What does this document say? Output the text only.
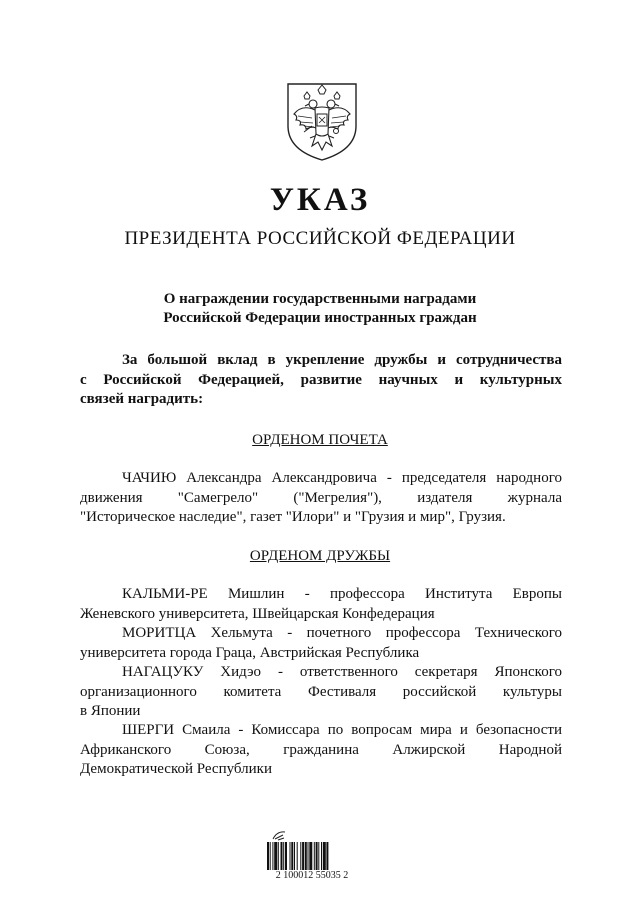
УКАЗ
ПРЕЗИДЕНТА РОССИЙСКОЙ ФЕДЕРАЦИИ
О награждении государственными наградами
Российской Федерации иностранных граждан
За большой вклад в укрепление дружбы и сотрудничества
с Российской Федерацией, развитие научных и культурных
связей наградить:
ОРДЕНОМ ПОЧЕТА
ЧАЧИЮ Александра Александровича - председателя народного
движения "Самегрело" ("Мегрелия"), издателя журнала
"Историческое наследие", газет "Илори" и "Грузия и мир", Грузия.
ОРДЕНОМ ДРУЖБЫ
КАЛЬМИ-РЕ Мишлин - профессора Института Европы
Женевского университета, Швейцарская Конфедерация
МОРИТЦА Хельмута - почетного профессора Технического
университета города Граца, Австрийская Республика
НАГАЦУКУ Хидэо - ответственного секретаря Японского
организационного комитета Фестиваля российской культуры
в Японии
ШЕРГИ Смаила - Комиссара по вопросам мира и безопасности
Африканского Союза, гражданина Алжирской Народной
Демократической Республики
2 100012 55035 2
